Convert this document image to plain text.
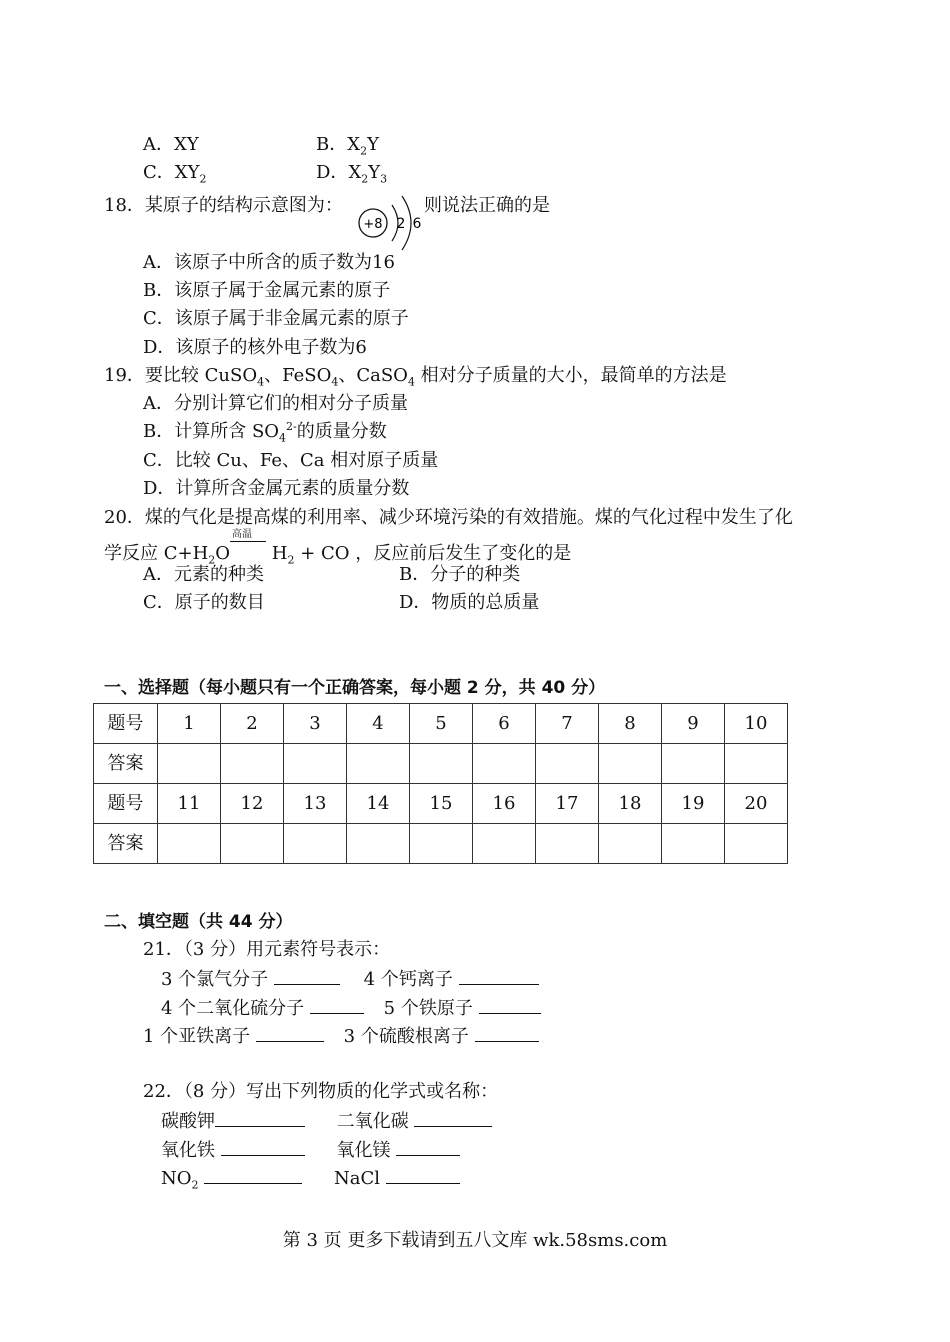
A．XY	B．$X_2Y$
C．$XY_2$	D．$X_2Y_3$
18．某原子的结构示意图为：	则说法正确的是
+8 2 6
A．该原子中所含的质子数为16
B．该原子属于金属元素的原子
C．该原子属于非金属元素的原子
D．该原子的核外电子数为6
19．要比较 CuSO$_4$、FeSO$_4$、CaSO$_4$ 相对分子质量的大小，最简单的方法是
A．分别计算它们的相对分子质量
B．计算所含 $SO_4^{2-}$的质量分数
C．比较 Cu、Fe、Ca 相对原子质量
D．计算所含金属元素的质量分数
20．煤的气化是提高煤的利用率、减少环境污染的有效措施。煤的气化过程中发生了化
学反应 $C+H_2O$
高温
$H_2$ + CO ，反应前后发生了变化的是
A．元素的种类	B．分子的种类
C．原子的数目	D．物质的总质量
一、选择题（每小题只有一个正确答案，每小题 2 分，共 40 分）
题号	1	2	3	4	5	6	7	8	9	10
答案										
题号	11	12	13	14	15	16	17	18	19	20
答案										
二、填空题（共 44 分）
21．（3 分）用元素符号表示：
3 个氯气分子	4 个钙离子
4 个二氧化硫分子	5 个铁原子
1 个亚铁离子	3 个硫酸根离子
22．（8 分）写出下列物质的化学式或名称：
碳酸钾	二氧化碳
氧化铁	氧化镁
$NO_2$	NaCl
第 3 页 更多下载请到五八文库 wk.58sms.com
